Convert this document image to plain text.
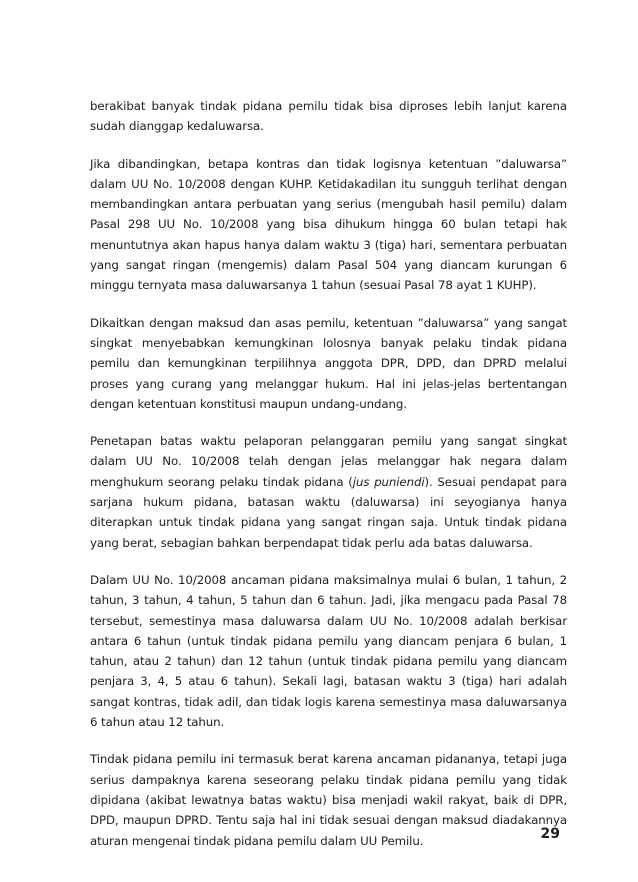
berakibat banyak tindak pidana pemilu tidak bisa diproses lebih lanjut karena sudah dianggap kedaluwarsa.

Jika dibandingkan, betapa kontras dan tidak logisnya ketentuan ”daluwarsa” dalam UU No. 10/2008 dengan KUHP. Ketidakadilan itu sungguh terlihat dengan membandingkan antara perbuatan yang serius (mengubah hasil pemilu) dalam Pasal 298 UU No. 10/2008 yang bisa dihukum hingga 60 bulan tetapi hak menuntutnya akan hapus hanya dalam waktu 3 (tiga) hari, sementara perbuatan yang sangat ringan (mengemis) dalam Pasal 504 yang diancam kurungan 6 minggu ternyata masa daluwarsanya 1 tahun (sesuai Pasal 78 ayat 1 KUHP).

Dikaitkan dengan maksud dan asas pemilu, ketentuan ”daluwarsa” yang sangat singkat menyebabkan kemungkinan lolosnya banyak pelaku tindak pidana pemilu dan kemungkinan terpilihnya anggota DPR, DPD, dan DPRD melalui proses yang curang yang melanggar hukum. Hal ini jelas-jelas bertentangan dengan ketentuan konstitusi maupun undang-undang.

Penetapan batas waktu pelaporan pelanggaran pemilu yang sangat singkat dalam UU No. 10/2008 telah dengan jelas melanggar hak negara dalam menghukum seorang pelaku tindak pidana (jus puniendi). Sesuai pendapat para sarjana hukum pidana, batasan waktu (daluwarsa) ini seyogianya hanya diterapkan untuk tindak pidana yang sangat ringan saja. Untuk tindak pidana yang berat, sebagian bahkan berpendapat tidak perlu ada batas daluwarsa.

Dalam UU No. 10/2008 ancaman pidana maksimalnya mulai 6 bulan, 1 tahun, 2 tahun, 3 tahun, 4 tahun, 5 tahun dan 6 tahun. Jadi, jika mengacu pada Pasal 78 tersebut, semestinya masa daluwarsa dalam UU No. 10/2008 adalah berkisar antara 6 tahun (untuk tindak pidana pemilu yang diancam penjara 6 bulan, 1 tahun, atau 2 tahun) dan 12 tahun (untuk tindak pidana pemilu yang diancam penjara 3, 4, 5 atau 6 tahun). Sekali lagi, batasan waktu 3 (tiga) hari adalah sangat kontras, tidak adil, dan tidak logis karena semestinya masa daluwarsanya 6 tahun atau 12 tahun.

Tindak pidana pemilu ini termasuk berat karena ancaman pidananya, tetapi juga serius dampaknya karena seseorang pelaku tindak pidana pemilu yang tidak dipidana (akibat lewatnya batas waktu) bisa menjadi wakil rakyat, baik di DPR, DPD, maupun DPRD. Tentu saja hal ini tidak sesuai dengan maksud diadakannya aturan mengenai tindak pidana pemilu dalam UU Pemilu.	29
